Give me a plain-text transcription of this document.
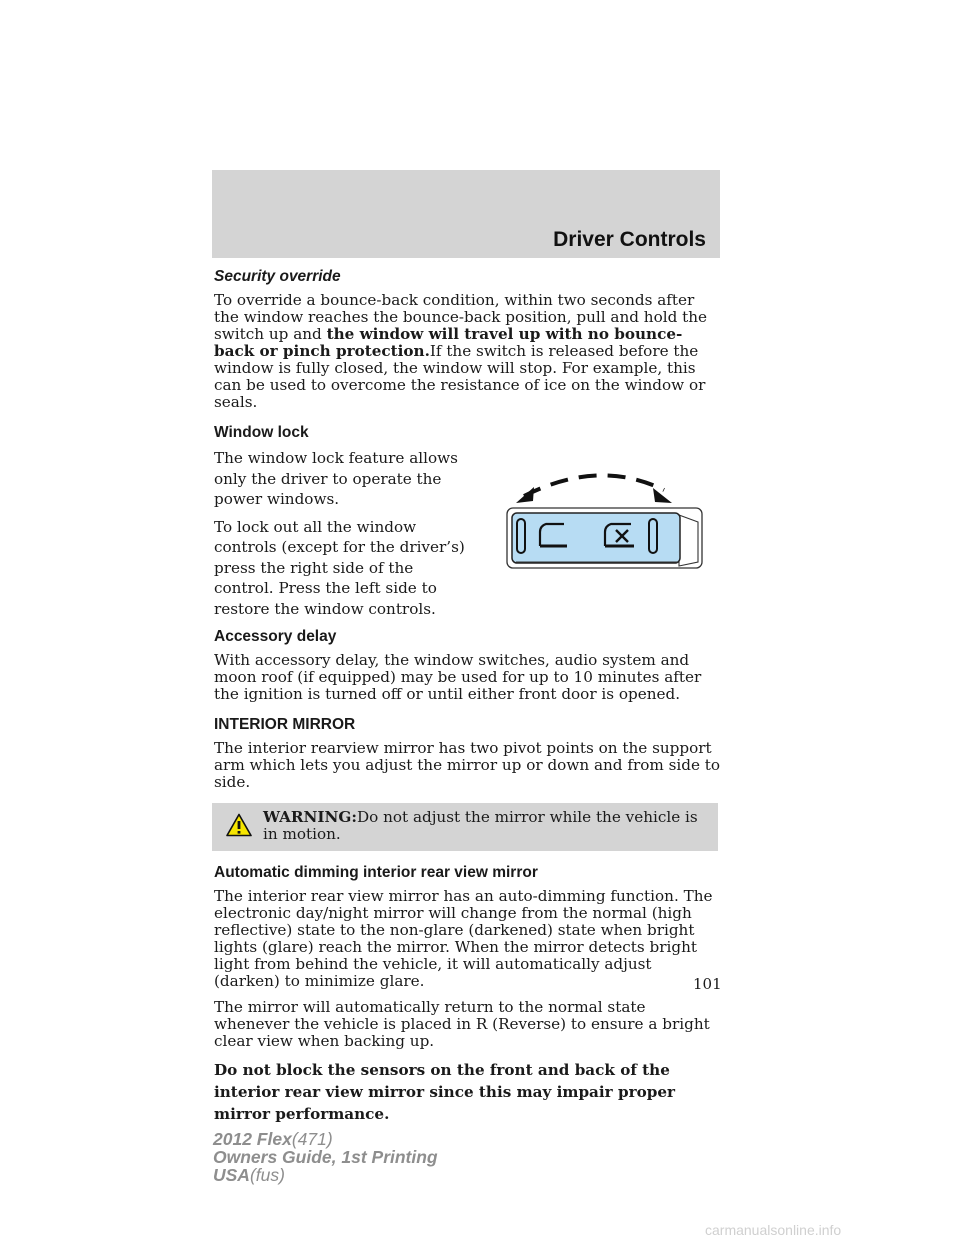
Driver Controls
Security override

To override a bounce-back condition, within two seconds after the window reaches the bounce-back position, pull and hold the switch up and the window will travel up with no bounce-back or pinch protection.If the switch is released before the window is fully closed, the window will stop. For example, this can be used to overcome the resistance of ice on the window or seals.

Window lock

The window lock feature allows only the driver to operate the power windows.

To lock out all the window controls (except for the driver’s) press the right side of the control. Press the left side to restore the window controls.

Accessory delay

With accessory delay, the window switches, audio system and moon roof (if equipped) may be used for up to 10 minutes after the ignition is turned off or until either front door is opened.

INTERIOR MIRROR

The interior rearview mirror has two pivot points on the support arm which lets you adjust the mirror up or down and from side to side.

WARNING:Do not adjust the mirror while the vehicle is in motion.
Automatic dimming interior rear view mirror

The interior rear view mirror has an auto-dimming function. The electronic day/night mirror will change from the normal (high reflective) state to the non-glare (darkened) state when bright lights (glare) reach the mirror. When the mirror detects bright light from behind the vehicle, it will automatically adjust (darken) to minimize glare.

The mirror will automatically return to the normal state whenever the vehicle is placed in R (Reverse) to ensure a bright clear view when backing up.

Do not block the sensors on the front and back of the interior rear view mirror since this may impair proper mirror performance.

101
2012 Flex(471)
Owners Guide, 1st Printing
USA(fus)
carmanualsonline.info
